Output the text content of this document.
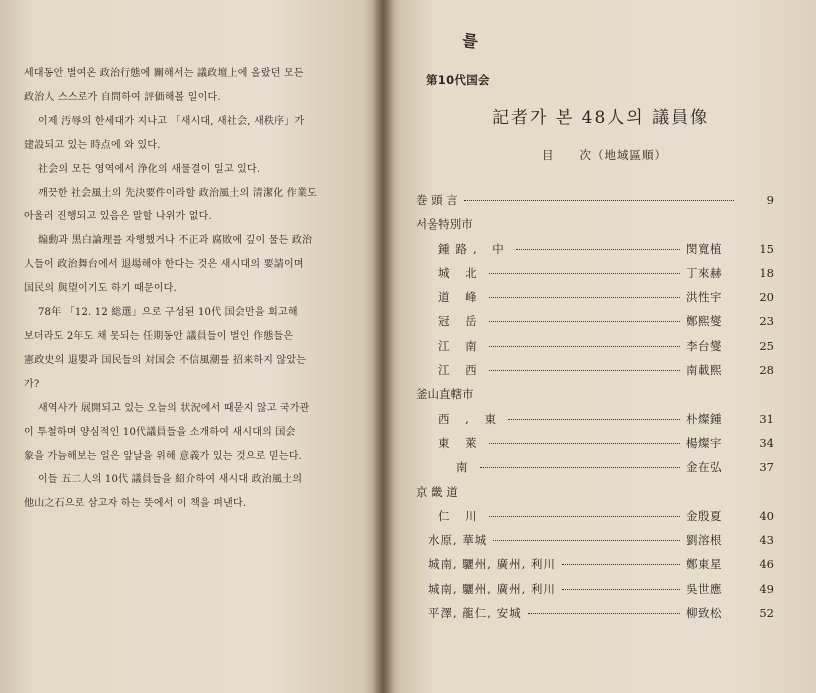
세대동안 벌여온 政治行態에 關해서는 議政壇上에 올랐던 모든
政治人 스스로가 自問하여 評価해볼 일이다.
이제 汚辱의 한세대가 지나고 「새시대, 새社会, 새秩序」가
建設되고 있는 時点에 와 있다.
社会의 모든 영역에서 浄化의 새물결이 일고 있다.
깨끗한 社会風土의 先決要件이라할 政治風土의 清潔化 作業도
아울러 진행되고 있음은 말할 나위가 없다.
煽動과 黑白論理를 자행했거나 不正과 腐敗에 깊이 물든 政治
人들이 政治舞台에서 退場해야 한다는 것은 새시대의 要請이며
国民의 與望이기도 하기 때문이다.
78年 「12. 12 総選」으로 구성된 10代 国会만을 회고해
보더라도 2年도 채 못되는 任期동안 議員들이 벌인 作態들은
憲政史의 退嬰과 国民들의 対国会 不信風潮를 招来하지 않았는
가?
새역사가 展開되고 있는 오늘의 状況에서 때묻지 않고 국가관
이 투철하며 양심적인 10代議員들을 소개하여 새시대의 国会
象을 가늠해보는 일은 앞날을 위해 意義가 있는 것으로 믿는다.
이들 五二人의 10代 議員들을 紹介하여 새시대 政治風土의
他山之石으로 삼고자 하는 뜻에서 이 책을 펴낸다.
를
第10代国会
記者가 본 48人의 議員像
目　　次（地域區順）
巻 頭 言	9
서울特別市
鍾路, 中	閔寬植	15
城 北	丁來赫	18
道 峰	洪性宇	20
冠 岳	鄭熙燮	23
江 南	李台燮	25
江 西	南載熙	28
釜山直轄市
西 , 東	朴燦鍾	31
東 萊	楊燦宇	34
南	金在弘	37
京 畿 道
仁 川	金殷夏	40
水原, 華城	劉溶根	43
城南, 驪州, 廣州, 利川	鄭東星	46
城南, 驪州, 廣州, 利川	吳世應	49
平澤, 龍仁, 安城	柳致松	52
